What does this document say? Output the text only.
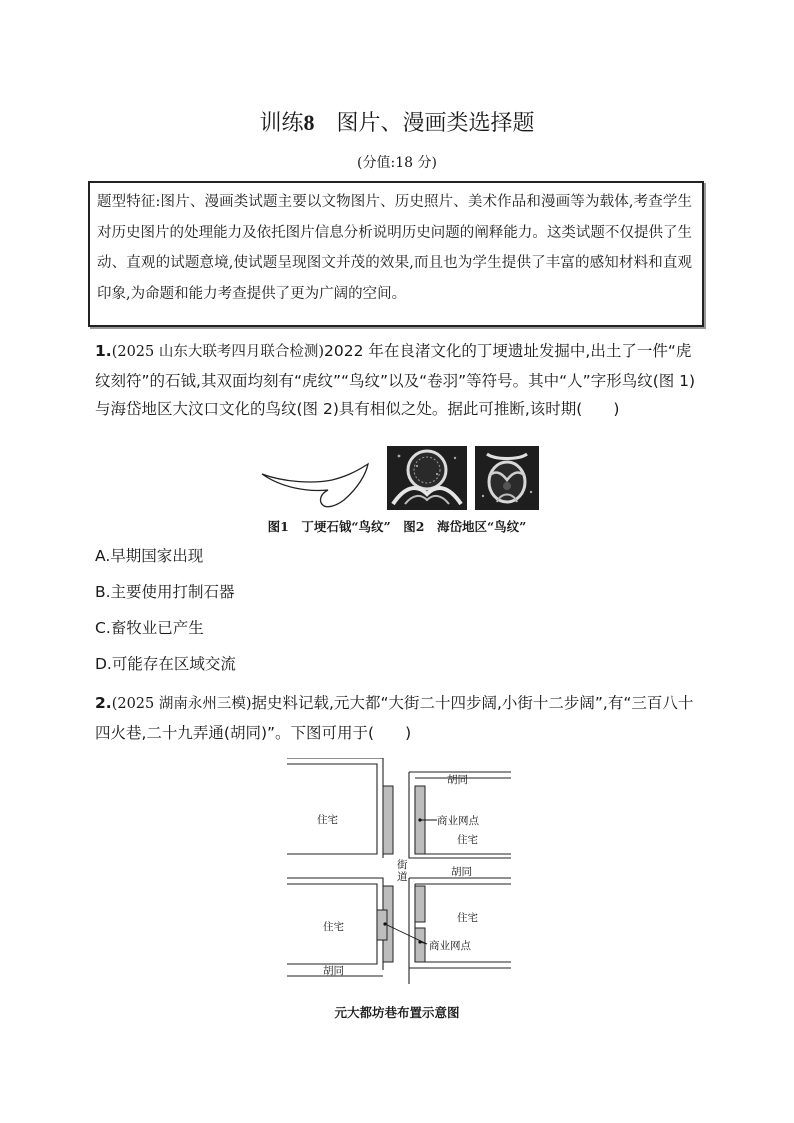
训练8 图片、漫画类选择题
(分值:18 分)
题型特征:图片、漫画类试题主要以文物图片、历史照片、美术作品和漫画等为载体,考查学生对历史图片的处理能力及依托图片信息分析说明历史问题的阐释能力。这类试题不仅提供了生动、直观的试题意境,使试题呈现图文并茂的效果,而且也为学生提供了丰富的感知材料和直观印象,为命题和能力考查提供了更为广阔的空间。
1.(2025 山东大联考四月联合检测)2022 年在良渚文化的丁埂遗址发掘中,出土了一件“虎纹刻符”的石钺,其双面均刻有“虎纹”“鸟纹”以及“卷羽”等符号。其中“人”字形鸟纹(图 1)与海岱地区大汶口文化的鸟纹(图 2)具有相似之处。据此可推断,该时期(　　)
图1　丁埂石钺“鸟纹”　图2　海岱地区“鸟纹”
A.早期国家出现
B.主要使用打制石器
C.畜牧业已产生
D.可能存在区域交流
2.(2025 湖南永州三模)据史料记载,元大都“大街二十四步阔,小街十二步阔”,有“三百八十四火巷,二十九弄通(胡同)”。下图可用于(　　)
胡同
住宅	商业网点
住宅
街
道	胡同
住宅
住宅
商业网点
胡同
元大都坊巷布置示意图
